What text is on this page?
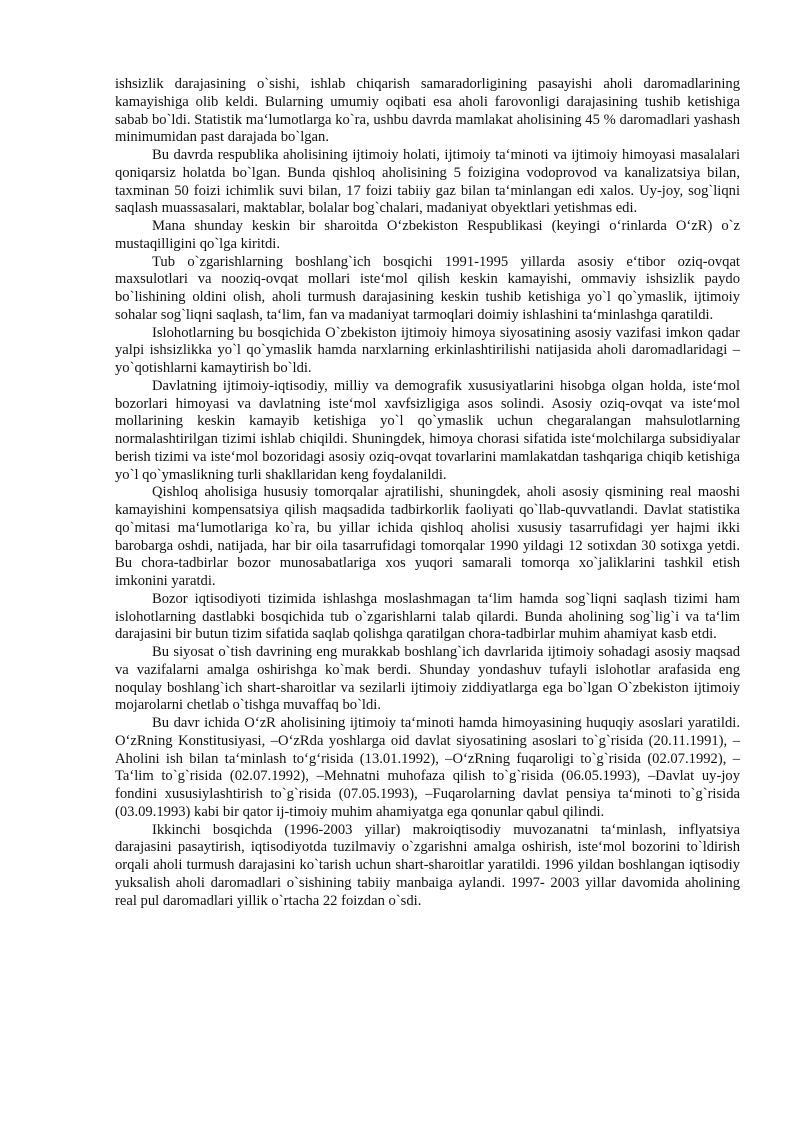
ishsizlik darajasining o`sishi, ishlab chiqarish samaradorligining pasayishi aholi daromadlarining kamayishiga olib keldi. Bularning umumiy oqibati esa aholi farovonligi darajasining tushib ketishiga sabab bo`ldi. Statistik ma‘lumotlarga ko`ra, ushbu davrda mamlakat aholisining 45 % daromadlari yashash minimumidan past darajada bo`lgan.

Bu davrda respublika aholisining ijtimoiy holati, ijtimoiy ta‘minoti va ijtimoiy himoyasi masalalari qoniqarsiz holatda bo`lgan. Bunda qishloq aholisining 5 foizigina vodoprovod va kanalizatsiya bilan, taxminan 50 foizi ichimlik suvi bilan, 17 foizi tabiiy gaz bilan ta‘minlangan edi xalos. Uy-joy, sog`liqni saqlash muassasalari, maktablar, bolalar bog`chalari, madaniyat obyektlari yetishmas edi.

Mana shunday keskin bir sharoitda O‘zbekiston Respublikasi (keyingi o‘rinlarda O‘zR) o`z mustaqilligini qo`lga kiritdi.

Tub o`zgarishlarning boshlang`ich bosqichi 1991-1995 yillarda asosiy e‘tibor oziq-ovqat maxsulotlari va nooziq-ovqat mollari iste‘mol qilish keskin kamayishi, ommaviy ishsizlik paydo bo`lishining oldini olish, aholi turmush darajasining keskin tushib ketishiga yo`l qo`ymaslik, ijtimoiy sohalar sog`liqni saqlash, ta‘lim, fan va madaniyat tarmoqlari doimiy ishlashini ta‘minlashga qaratildi.

Islohotlarning bu bosqichida O`zbekiston ijtimoiy himoya siyosatining asosiy vazifasi imkon qadar yalpi ishsizlikka yo`l qo`ymaslik hamda narxlarning erkinlashtirilishi natijasida aholi daromadlaridagi –yo`qotishlarni kamaytirish bo`ldi.

Davlatning ijtimoiy-iqtisodiy, milliy va demografik xususiyatlarini hisobga olgan holda, iste‘mol bozorlari himoyasi va davlatning iste‘mol xavfsizligiga asos solindi. Asosiy oziq-ovqat va iste‘mol mollarining keskin kamayib ketishiga yo`l qo`ymaslik uchun chegaralangan mahsulotlarning normalashtirilgan tizimi ishlab chiqildi. Shuningdek, himoya chorasi sifatida iste‘molchilarga subsidiyalar berish tizimi va iste‘mol bozoridagi asosiy oziq-ovqat tovarlarini mamlakatdan tashqariga chiqib ketishiga yo`l qo`ymaslikning turli shakllaridan keng foydalanildi.

Qishloq aholisiga hususiy tomorqalar ajratilishi, shuningdek, aholi asosiy qismining real maoshi kamayishini kompensatsiya qilish maqsadida tadbirkorlik faoliyati qo`llab-quvvatlandi. Davlat statistika qo`mitasi ma‘lumotlariga ko`ra, bu yillar ichida qishloq aholisi xususiy tasarrufidagi yer hajmi ikki barobarga oshdi, natijada, har bir oila tasarrufidagi tomorqalar 1990 yildagi 12 sotixdan 30 sotixga yetdi. Bu chora-tadbirlar bozor munosabatlariga xos yuqori samarali tomorqa xo`jaliklarini tashkil etish imkonini yaratdi.

Bozor iqtisodiyoti tizimida ishlashga moslashmagan ta‘lim hamda sog`liqni saqlash tizimi ham islohotlarning dastlabki bosqichida tub o`zgarishlarni talab qilardi. Bunda aholining sog`lig`i va ta‘lim darajasini bir butun tizim sifatida saqlab qolishga qaratilgan chora-tadbirlar muhim ahamiyat kasb etdi.

Bu siyosat o`tish davrining eng murakkab boshlang`ich davrlarida ijtimoiy sohadagi asosiy maqsad va vazifalarni amalga oshirishga ko`mak berdi. Shunday yondashuv tufayli islohotlar arafasida eng noqulay boshlang`ich shart-sharoitlar va sezilarli ijtimoiy ziddiyatlarga ega bo`lgan O`zbekiston ijtimoiy mojarolarni chetlab o`tishga muvaffaq bo`ldi.

Bu davr ichida O‘zR aholisining ijtimoiy ta‘minoti hamda himoyasining huquqiy asoslari yaratildi. O‘zRning Konstitusiyasi, –O‘zRda yoshlarga oid davlat siyosatining asoslari to`g`risida (20.11.1991), –Aholini ish bilan ta‘minlash to‘g‘risida (13.01.1992), –O‘zRning fuqaroligi to`g`risida (02.07.1992), –Ta‘lim to`g`risida (02.07.1992), –Mehnatni muhofaza qilish to`g`risida (06.05.1993), –Davlat uy-joy fondini xususiylashtirish to`g`risida (07.05.1993), –Fuqarolarning davlat pensiya ta‘minoti to`g`risida (03.09.1993) kabi bir qator ij-timoiy muhim ahamiyatga ega qonunlar qabul qilindi.

Ikkinchi bosqichda (1996-2003 yillar) makroiqtisodiy muvozanatni ta‘minlash, inflyatsiya darajasini pasaytirish, iqtisodiyotda tuzilmaviy o`zgarishni amalga oshirish, iste‘mol bozorini to`ldirish orqali aholi turmush darajasini ko`tarish uchun shart-sharoitlar yaratildi. 1996 yildan boshlangan iqtisodiy yuksalish aholi daromadlari o`sishining tabiiy manbaiga aylandi. 1997- 2003 yillar davomida aholining real pul daromadlari yillik o`rtacha 22 foizdan o`sdi.
